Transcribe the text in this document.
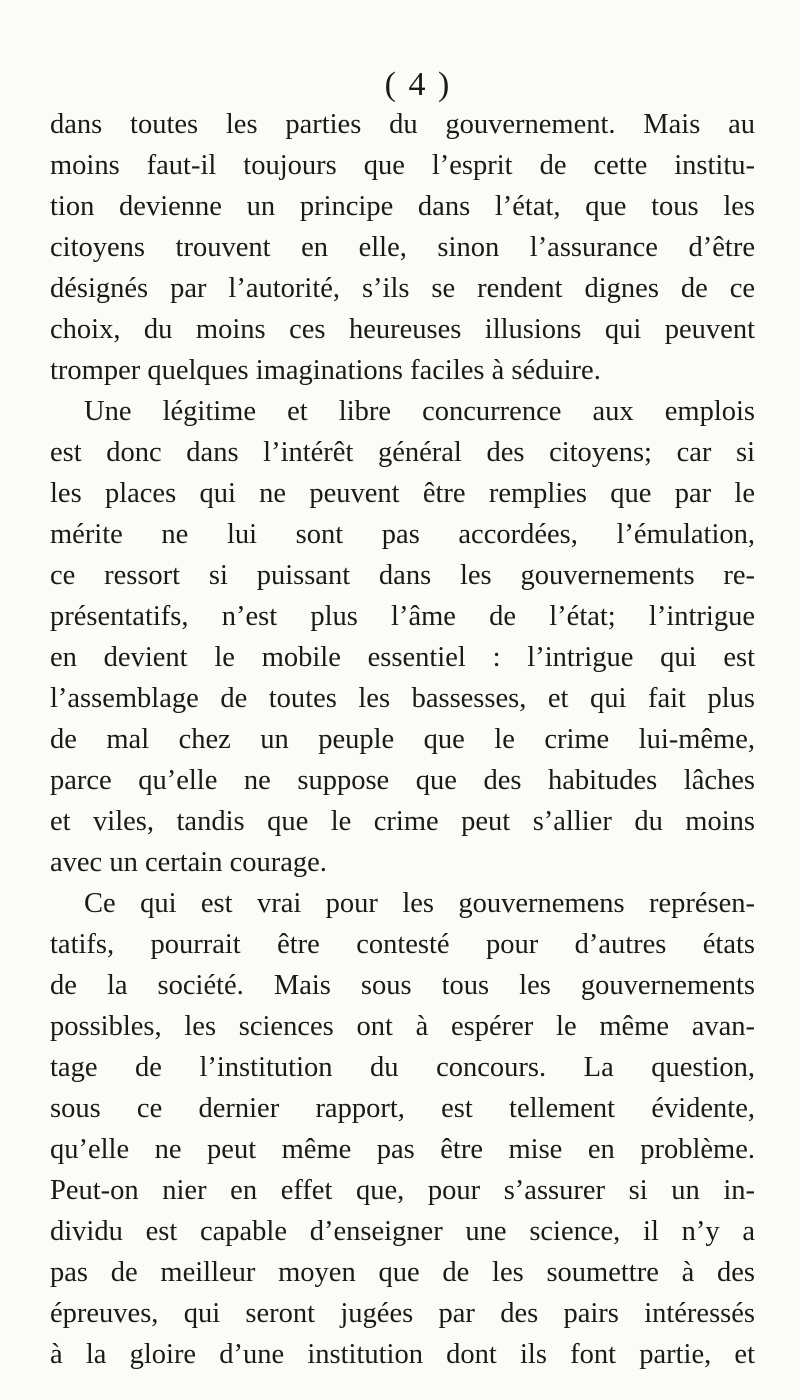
( 4 )
dans toutes les parties du gouvernement. Mais au
moins faut-il toujours que l’esprit de cette institu-
tion devienne un principe dans l’état, que tous les
citoyens trouvent en elle, sinon l’assurance d’être
désignés par l’autorité, s’ils se rendent dignes de ce
choix, du moins ces heureuses illusions qui peuvent
tromper quelques imaginations faciles à séduire.
Une légitime et libre concurrence aux emplois
est donc dans l’intérêt général des citoyens; car si
les places qui ne peuvent être remplies que par le
mérite ne lui sont pas accordées, l’émulation,
ce ressort si puissant dans les gouvernements re-
présentatifs, n’est plus l’âme de l’état; l’intrigue
en devient le mobile essentiel : l’intrigue qui est
l’assemblage de toutes les bassesses, et qui fait plus
de mal chez un peuple que le crime lui-même,
parce qu’elle ne suppose que des habitudes lâches
et viles, tandis que le crime peut s’allier du moins
avec un certain courage.
Ce qui est vrai pour les gouvernemens représen-
tatifs, pourrait être contesté pour d’autres états
de la société. Mais sous tous les gouvernements
possibles, les sciences ont à espérer le même avan-
tage de l’institution du concours. La question,
sous ce dernier rapport, est tellement évidente,
qu’elle ne peut même pas être mise en problème.
Peut-on nier en effet que, pour s’assurer si un in-
dividu est capable d’enseigner une science, il n’y a
pas de meilleur moyen que de les soumettre à des
épreuves, qui seront jugées par des pairs intéressés
à la gloire d’une institution dont ils font partie, et
